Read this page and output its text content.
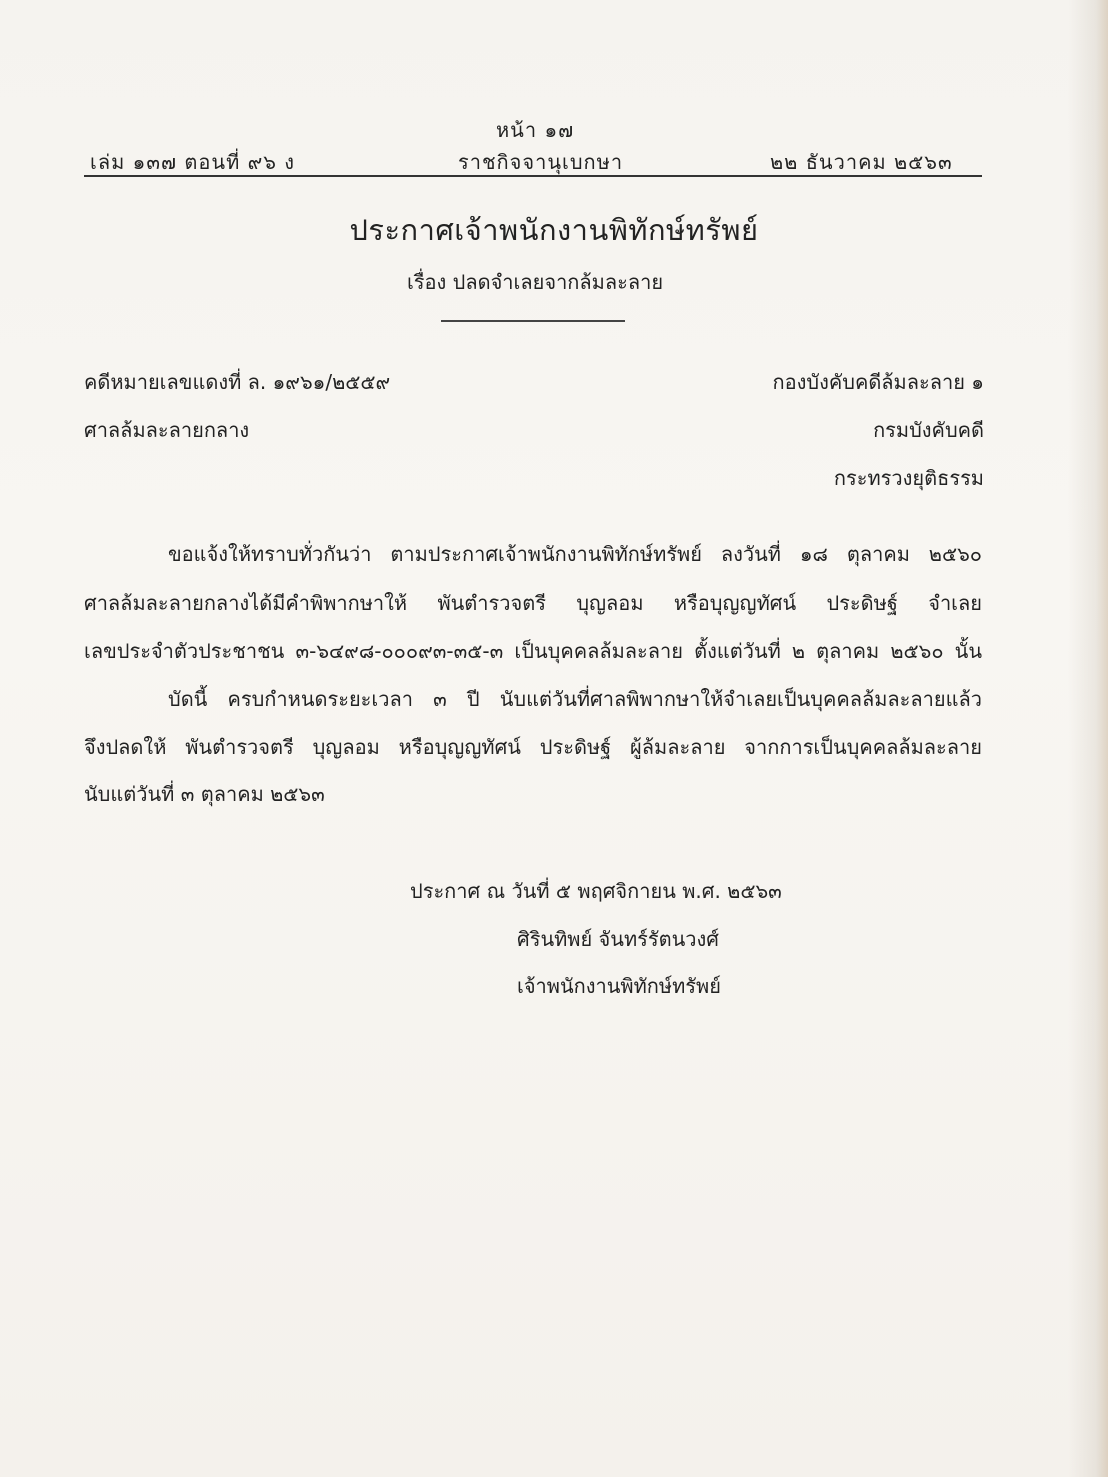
หน้า ๑๗
เล่ม ๑๓๗ ตอนที่ ๙๖ ง	ราชกิจจานุเบกษา	๒๒ ธันวาคม ๒๕๖๓
ประกาศเจ้าพนักงานพิทักษ์ทรัพย์
เรื่อง ปลดจำเลยจากล้มละลาย
คดีหมายเลขแดงที่ ล. ๑๙๖๑/๒๕๕๙
ศาลล้มละลายกลาง
กองบังคับคดีล้มละลาย ๑
กรมบังคับคดี
กระทรวงยุติธรรม
ขอแจ้งให้ทราบทั่วกันว่า ตามประกาศเจ้าพนักงานพิทักษ์ทรัพย์ ลงวันที่ ๑๘ ตุลาคม ๒๕๖๐
ศาลล้มละลายกลางได้มีคำพิพากษาให้ พันตำรวจตรี บุญลอม หรือบุญญทัศน์ ประดิษฐ์ จำเลย
เลขประจำตัวประชาชน ๓-๖๔๙๘-๐๐๐๙๓-๓๕-๓ เป็นบุคคลล้มละลาย ตั้งแต่วันที่ ๒ ตุลาคม ๒๕๖๐ นั้น
บัดนี้ ครบกำหนดระยะเวลา ๓ ปี นับแต่วันที่ศาลพิพากษาให้จำเลยเป็นบุคคลล้มละลายแล้ว
จึงปลดให้ พันตำรวจตรี บุญลอม หรือบุญญทัศน์ ประดิษฐ์ ผู้ล้มละลาย จากการเป็นบุคคลล้มละลาย
นับแต่วันที่ ๓ ตุลาคม ๒๕๖๓
ประกาศ ณ วันที่ ๕ พฤศจิกายน พ.ศ. ๒๕๖๓
ศิรินทิพย์ จันทร์รัตนวงศ์
เจ้าพนักงานพิทักษ์ทรัพย์
